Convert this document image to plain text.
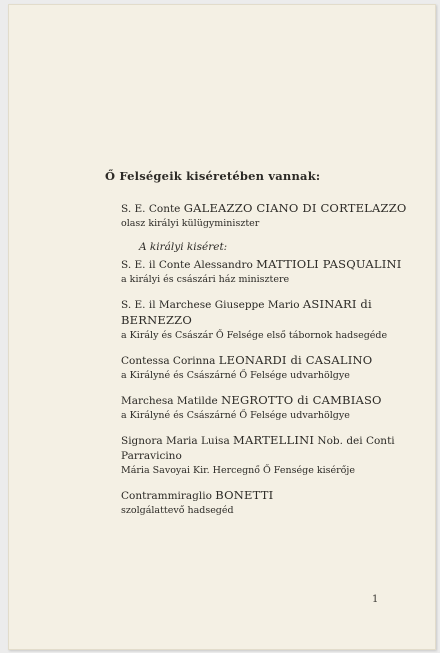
Ő Felségeik kiséretében vannak:
S. E. Conte GALEAZZO CIANO DI CORTELAZZO
olasz királyi külügyminiszter
A királyi kiséret:
S. E. il Conte Alessandro MATTIOLI PASQUALINI
a királyi és császári ház minisztere
S. E. il Marchese Giuseppe Mario ASINARI di BERNEZZO
a Király és Császár Ő Felsége első tábornok hadsegéde
Contessa Corinna LEONARDI di CASALINO
a Királyné és Császárné Ő Felsége udvarhölgye
Marchesa Matilde NEGROTTO di CAMBIASO
a Királyné és Császárné Ő Felsége udvarhölgye
Signora Maria Luisa MARTELLINI Nob. dei Conti Parravicino
Mária Savoyai Kir. Hercegnő Ő Fensége kisérője
Contrammiraglio BONETTI
szolgálattevő hadsegéd
1
